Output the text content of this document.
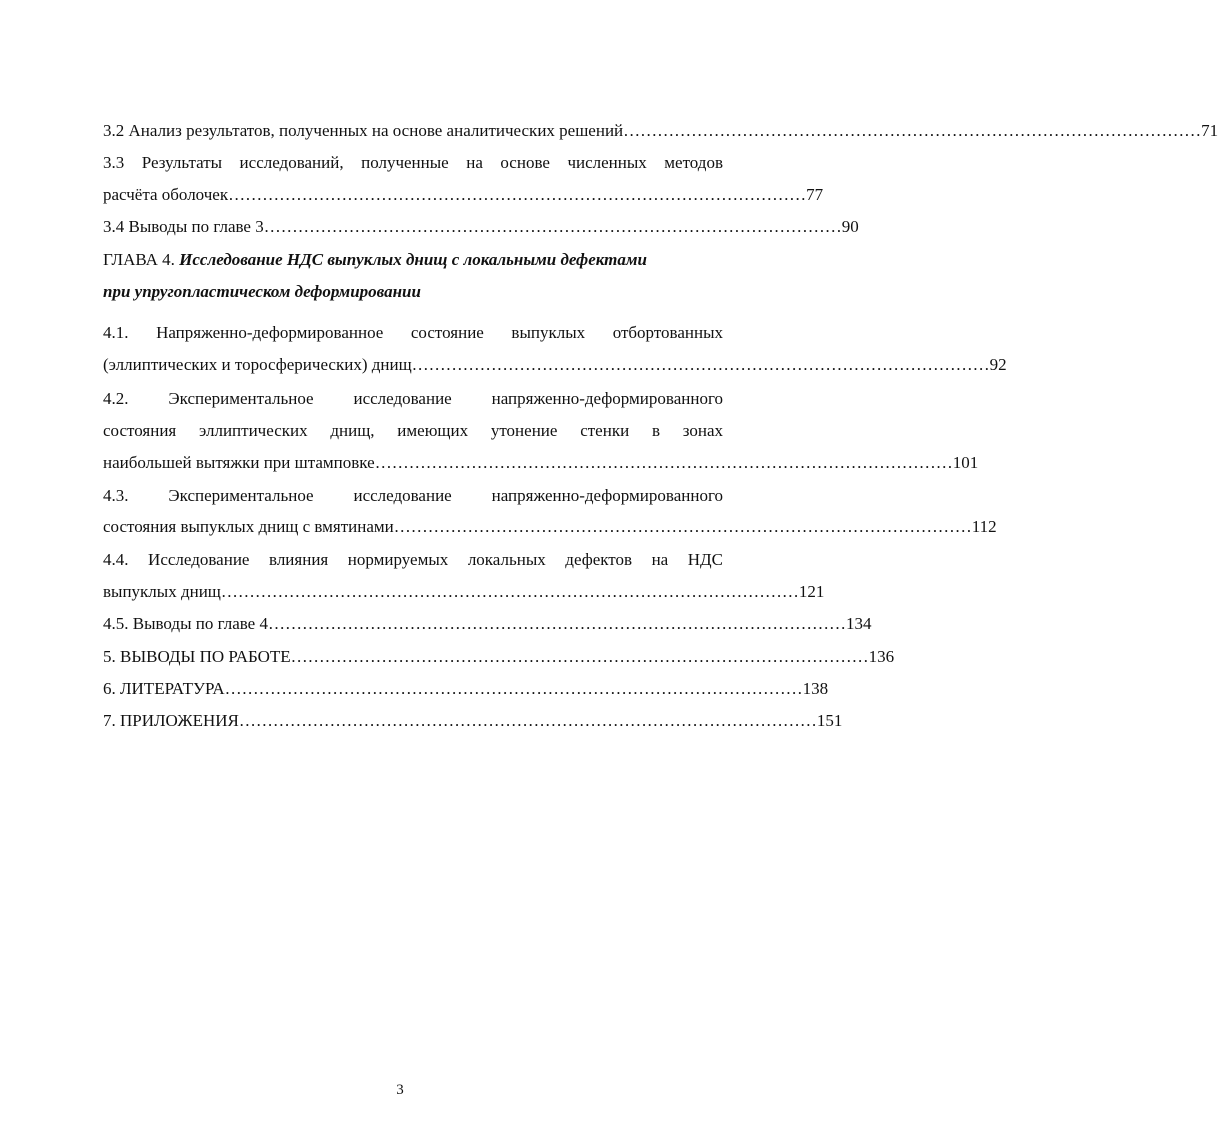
3.2 Анализ результатов, полученных на основе аналитических решений ………………………………………………………………………………………… 71
3.3 Результаты исследований, полученные на основе численных методов
расчёта оболочек ………………………………………………………………………………………… 77
3.4 Выводы по главе 3 ………………………………………………………………………………………… 90
ГЛАВА 4. Исследование НДС выпуклых днищ с локальными дефектами
при упругопластическом деформировании
4.1. Напряженно-деформированное состояние выпуклых отбортованных
(эллиптических и торосферических) днищ ………………………………………………………………………………………… 92
4.2. Экспериментальное исследование напряженно-деформированного
состояния эллиптических днищ, имеющих утонение стенки в зонах
наибольшей вытяжки при штамповке ………………………………………………………………………………………… 101
4.3. Экспериментальное исследование напряженно-деформированного
состояния выпуклых днищ с вмятинами ………………………………………………………………………………………… 112
4.4. Исследование влияния нормируемых локальных дефектов на НДС
выпуклых днищ ………………………………………………………………………………………… 121
4.5. Выводы по главе 4 ………………………………………………………………………………………… 134
5. ВЫВОДЫ ПО РАБОТЕ ………………………………………………………………………………………… 136
6. ЛИТЕРАТУРА ………………………………………………………………………………………… 138
7. ПРИЛОЖЕНИЯ ………………………………………………………………………………………… 151
3
